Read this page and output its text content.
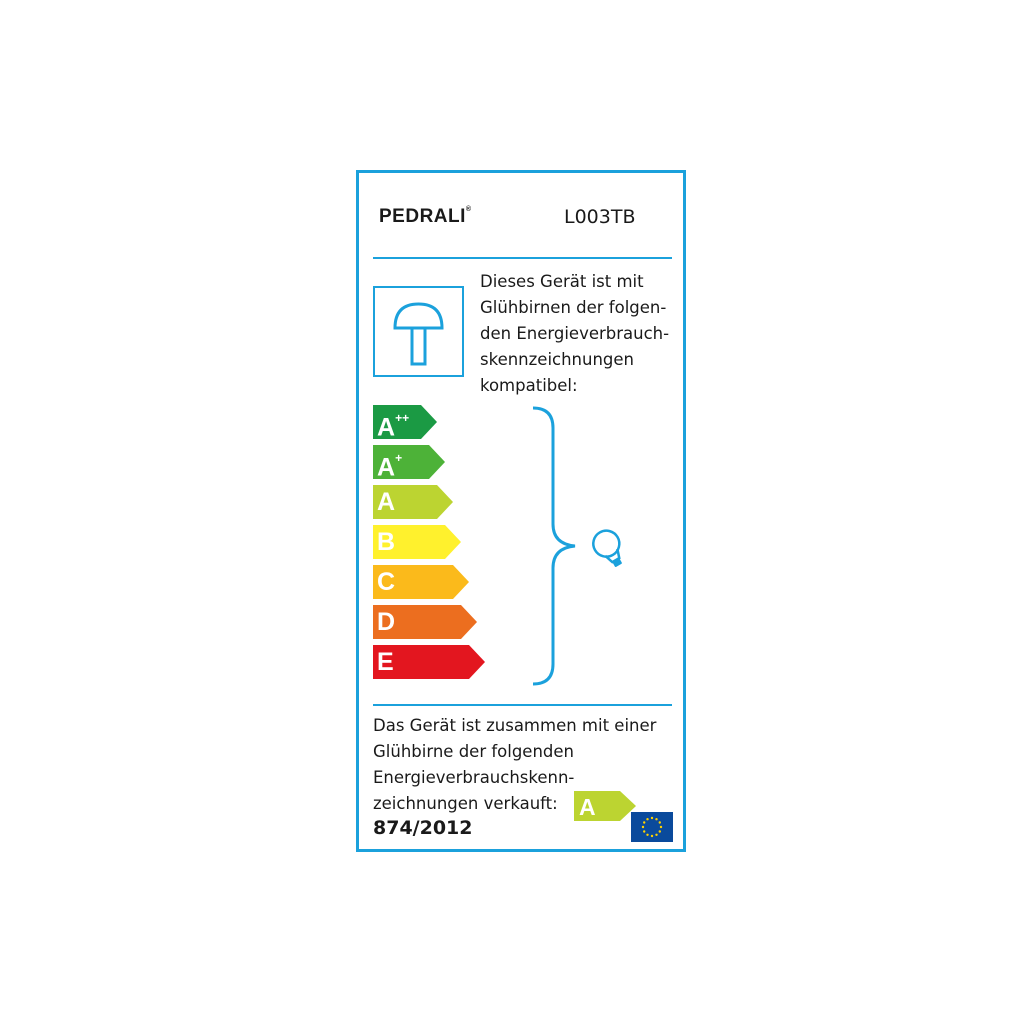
PEDRALI®	L003TB
Dieses Gerät ist mit
Glühbirnen der folgen-
den Energieverbrauch-
skennzeichnungen
kompatibel:
A++
A+
A
B
C
D
E
Das Gerät ist zusammen mit einer
Glühbirne der folgenden
Energieverbrauchskenn-
zeichnungen verkauft: A
874/2012
